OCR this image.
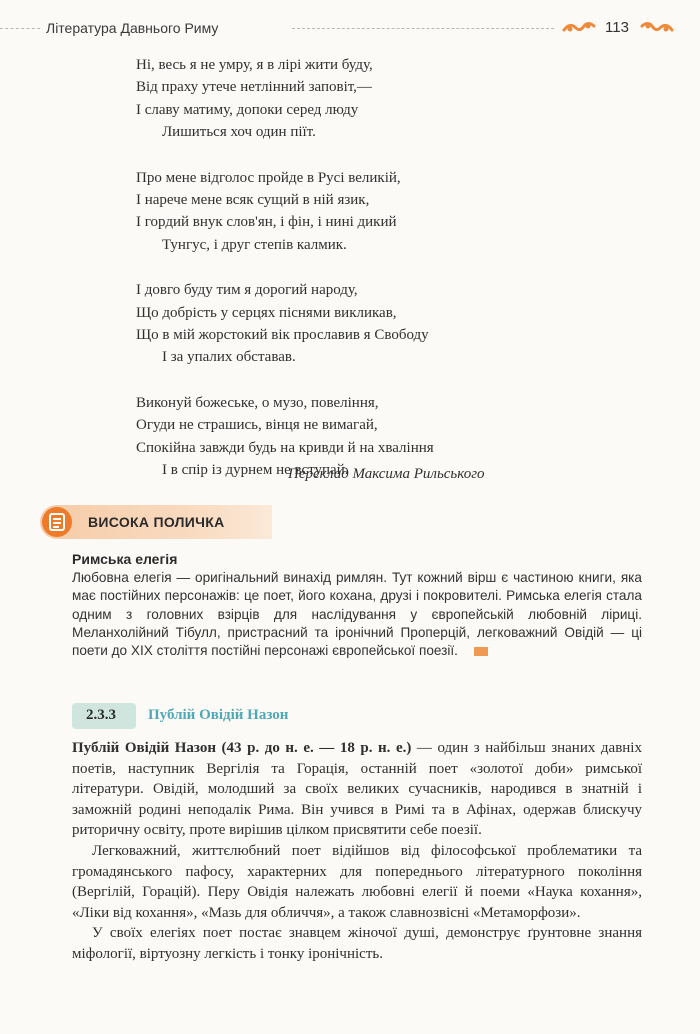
Література Давнього Риму	113
Ні, весь я не умру, я в лірі жити буду,
Від праху утече нетлінний заповіт,—
І славу матиму, допоки серед люду
Лишиться хоч один піїт.
Про мене відголос пройде в Русі великій,
І нарече мене всяк сущий в ній язик,
І гордий внук слов'ян, і фін, і нині дикий
Тунгус, і друг степів калмик.
І довго буду тим я дорогий народу,
Що добрість у серцях піснями викликав,
Що в мій жорстокий вік прославив я Свободу
І за упалих обставав.
Виконуй божеське, о музо, повеління,
Огуди не страшись, вінця не вимагай,
Спокійна завжди будь на кривди й на хваління
І в спір із дурнем не вступай.
Переклад Максима Рильського
ВИСОКА ПОЛИЧКА
Римська елегія
Любовна елегія — оригінальний винахід римлян. Тут кожний вірш є частиною книги, яка має постійних персонажів: це поет, його кохана, друзі і покровителі. Римська елегія стала одним з головних взірців для наслідування у європейській любовній ліриці. Меланхолійний Тібулл, пристрасний та іронічний Проперцій, легковажний Овідій — ці поети до XIX століття постійні персонажі європейської поезії.
2.3.3 Публій Овідій Назон

Публій Овідій Назон (43 р. до н. е. — 18 р. н. е.) — один з найбільш знаних давніх поетів, наступник Вергілія та Горація, останній поет «золотої доби» римської літератури. Овідій, молодший за своїх великих сучасників, народився в знатній і заможній родині неподалік Рима. Він учився в Римі та в Афінах, одержав блискучу риторичну освіту, проте вирішив цілком присвятити себе поезії.

Легковажний, життєлюбний поет відійшов від філософської проблематики та громадянського пафосу, характерних для попереднього літературного покоління (Вергілій, Горацій). Перу Овідія належать любовні елегії й поеми «Наука кохання», «Ліки від кохання», «Мазь для обличчя», а також славнозвісні «Метаморфози».

У своїх елегіях поет постає знавцем жіночої душі, демонструє ґрунтовне знання міфології, віртуозну легкість і тонку іронічність.
